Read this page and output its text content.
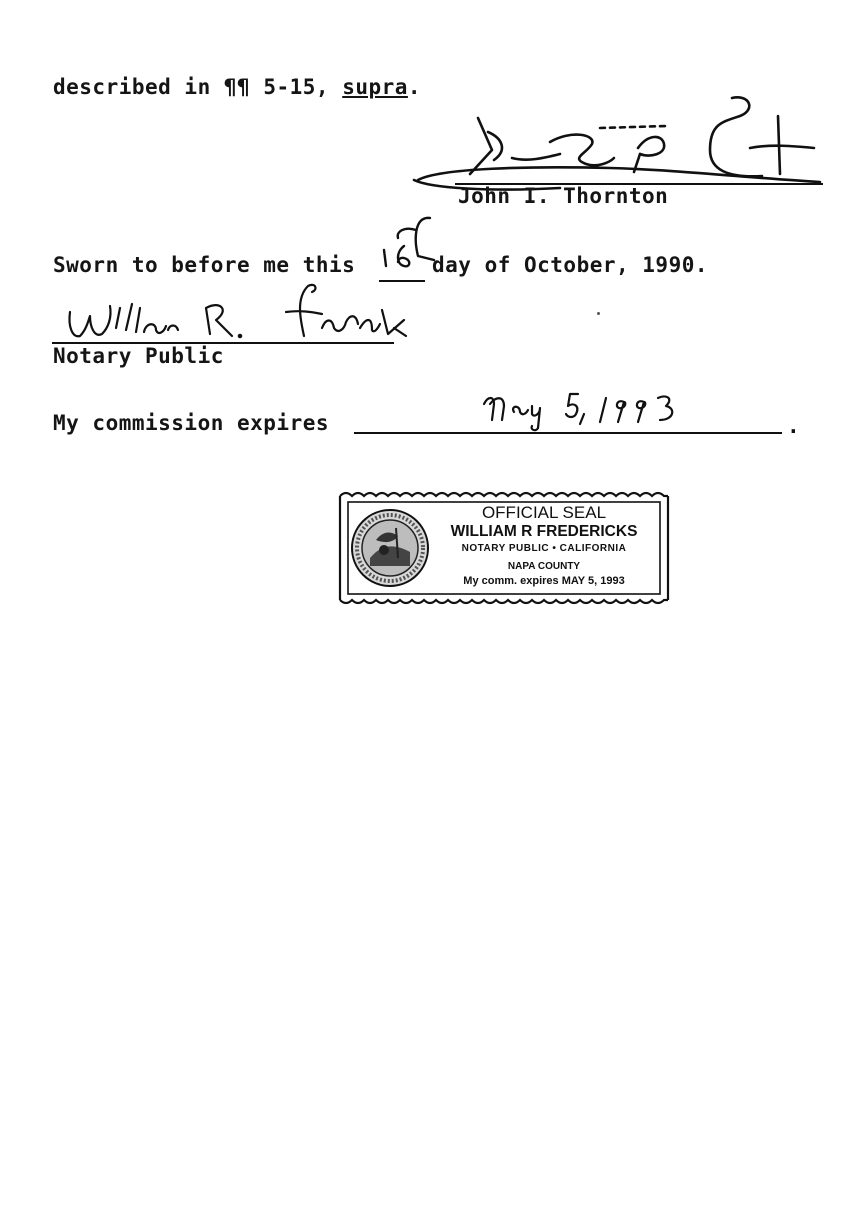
described in ¶¶ 5-15, supra.
John I. Thornton
Sworn to before me this	day of October, 1990.
Notary Public
My commission expires	.
OFFICIAL SEAL
WILLIAM R FREDERICKS
NOTARY PUBLIC • CALIFORNIA
NAPA COUNTY
My comm. expires MAY 5, 1993
